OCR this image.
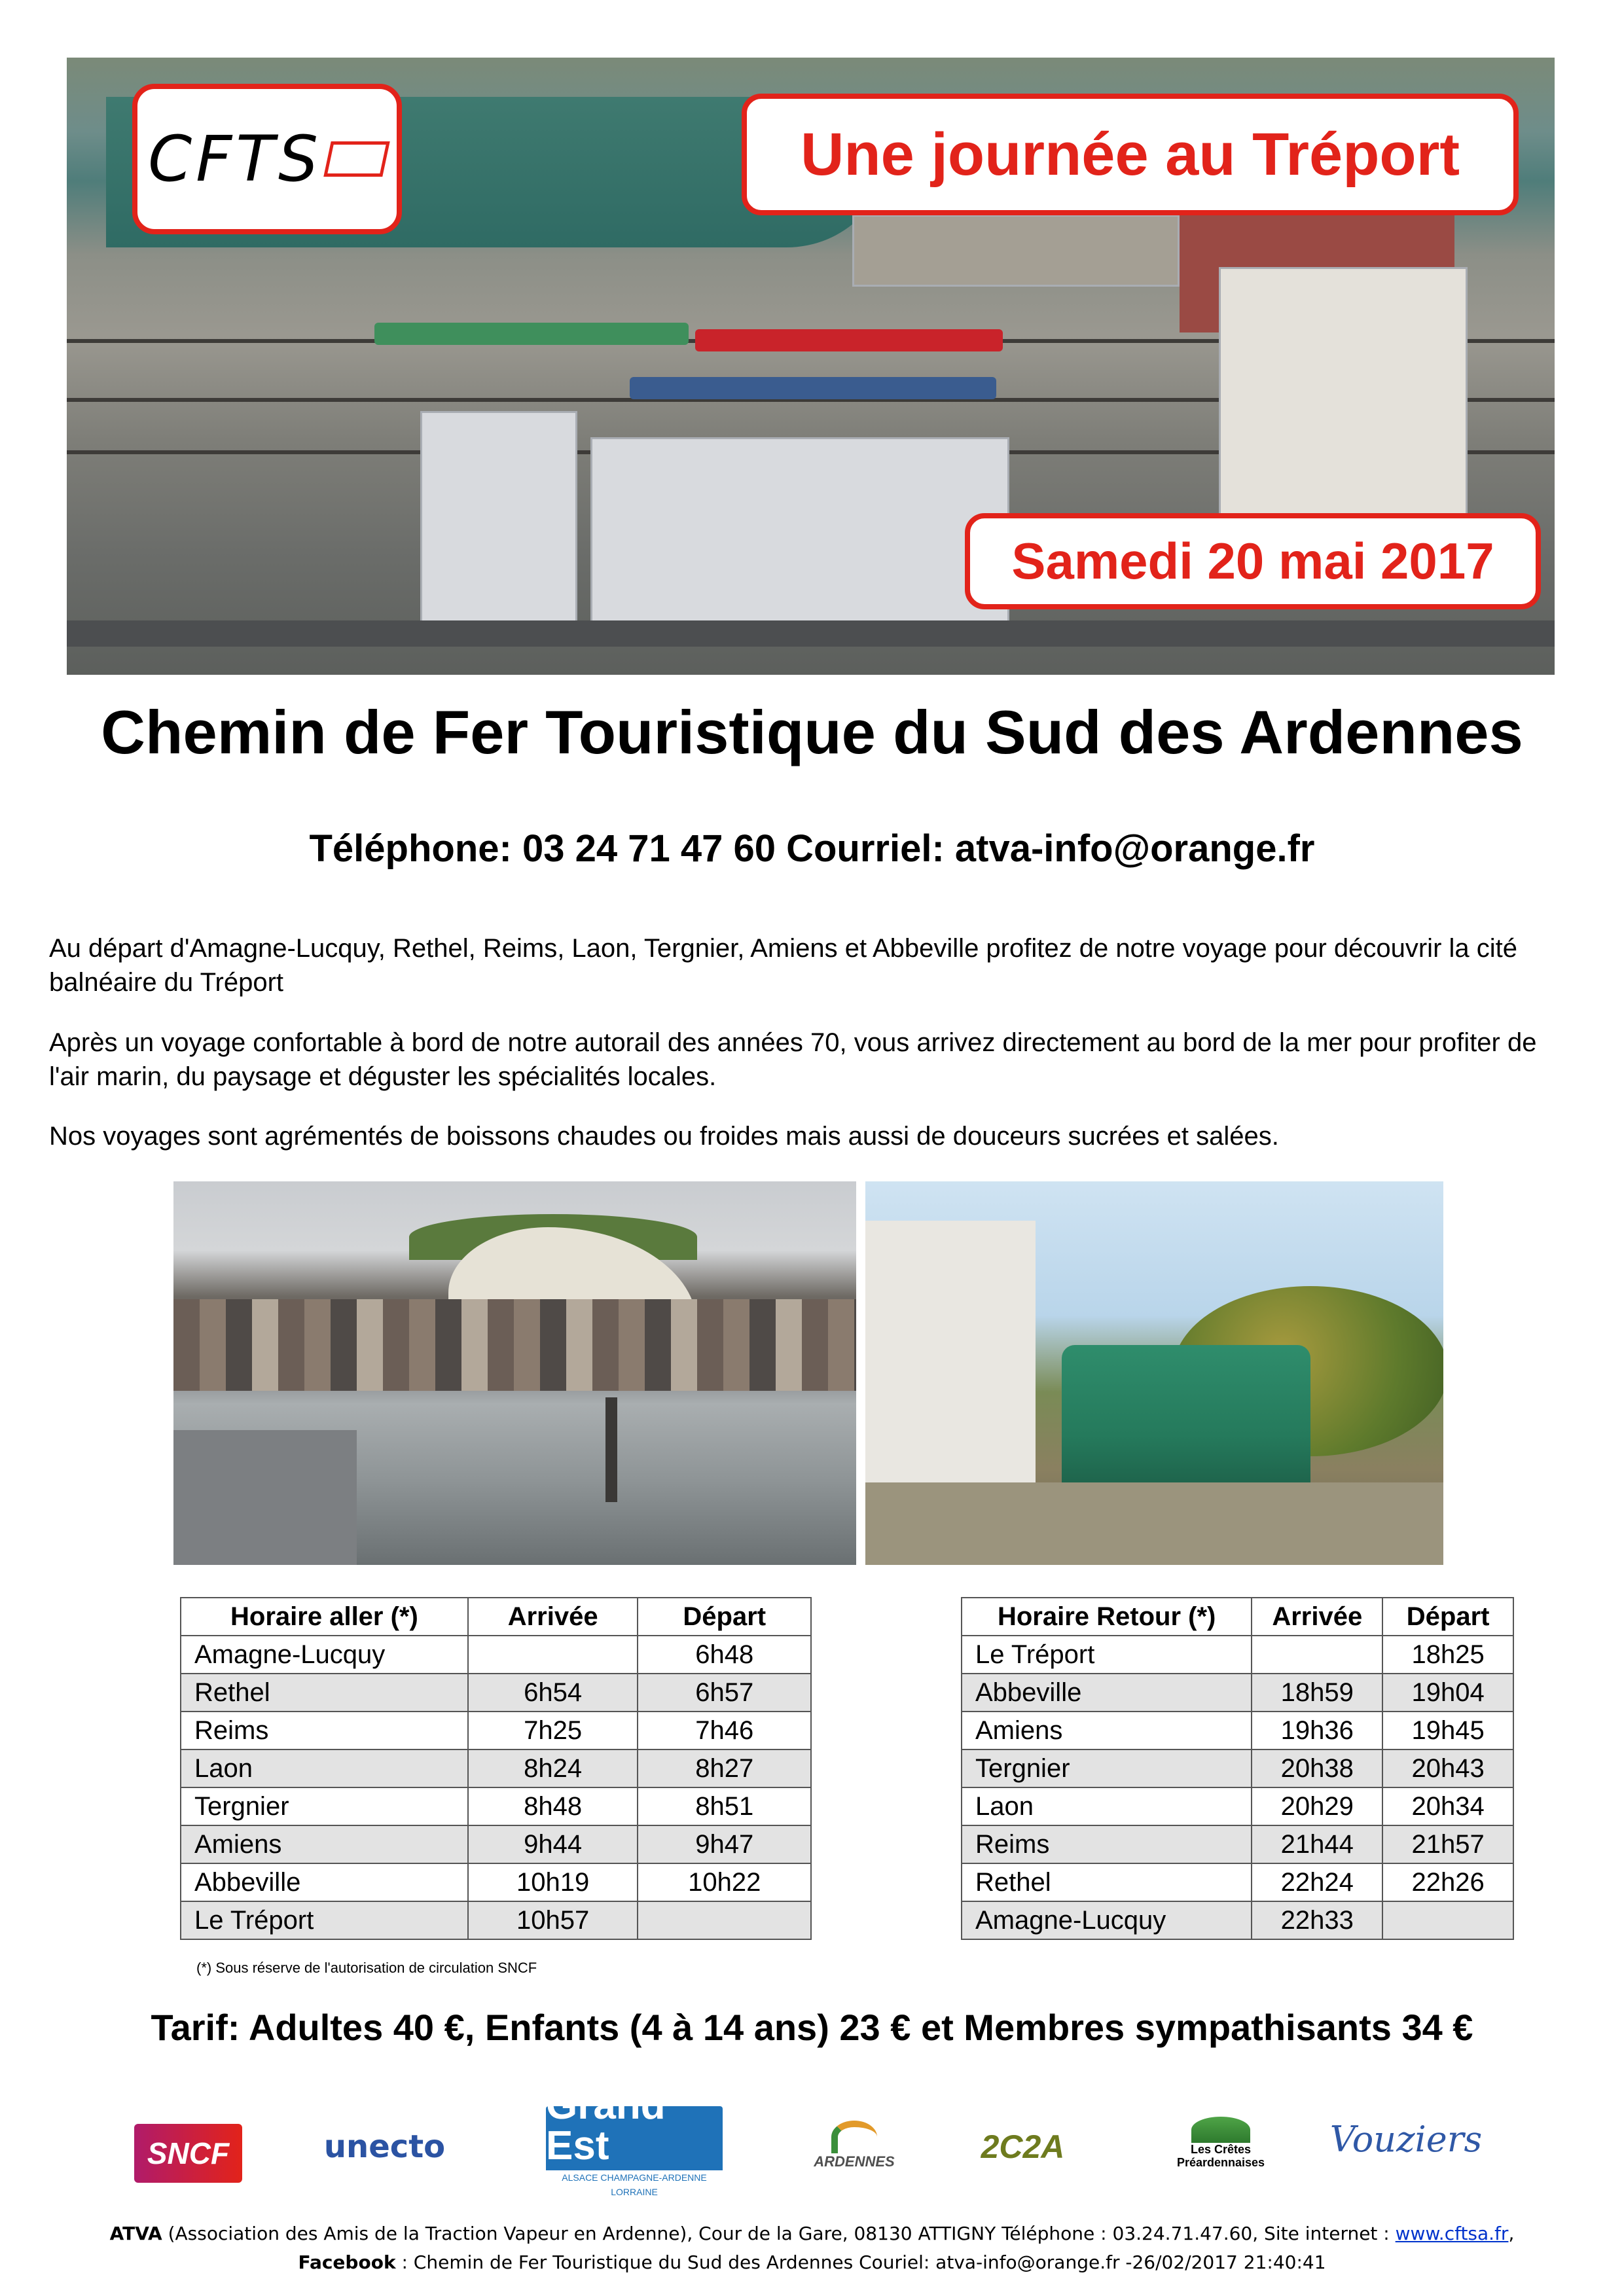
CFTS	Une journée au Tréport
Samedi 20 mai 2017
Chemin de Fer Touristique du Sud des Ardennes
Téléphone: 03 24 71 47 60 Courriel: atva-info@orange.fr
Au départ d'Amagne-Lucquy, Rethel, Reims, Laon, Tergnier, Amiens et Abbeville profitez de notre voyage pour découvrir la cité balnéaire du Tréport
Après un voyage confortable à bord de notre autorail des années 70, vous arrivez directement au bord de la mer pour profiter de l'air marin, du paysage et déguster les spécialités locales.
Nos voyages sont agrémentés de boissons chaudes ou froides mais aussi de douceurs sucrées et salées.
Horaire aller (*)	Arrivée	Départ
Amagne-Lucquy		6h48
Rethel	6h54	6h57
Reims	7h25	7h46
Laon	8h24	8h27
Tergnier	8h48	8h51
Amiens	9h44	9h47
Abbeville	10h19	10h22
Le Tréport	10h57	
(*) Sous réserve de l'autorisation de circulation SNCF
Horaire Retour (*)	Arrivée	Départ
Le Tréport		18h25
Abbeville	18h59	19h04
Amiens	19h36	19h45
Tergnier	20h38	20h43
Laon	20h29	20h34
Reims	21h44	21h57
Rethel	22h24	22h26
Amagne-Lucquy	22h33	
Tarif: Adultes 40 €, Enfants (4 à 14 ans) 23 € et Membres sympathisants 34 €
SNCF	unecto
Grand Est
ALSACE CHAMPAGNE-ARDENNE LORRAINE
ARDENNES	2C2A	Les Crêtes Préardennaises
Vouziers
ATVA (Association des Amis de la Traction Vapeur en Ardenne), Cour de la Gare, 08130 ATTIGNY Téléphone : 03.24.71.47.60, Site internet : www.cftsa.fr,
Facebook : Chemin de Fer Touristique du Sud des Ardennes Couriel: atva-info@orange.fr -26/02/2017 21:40:41
